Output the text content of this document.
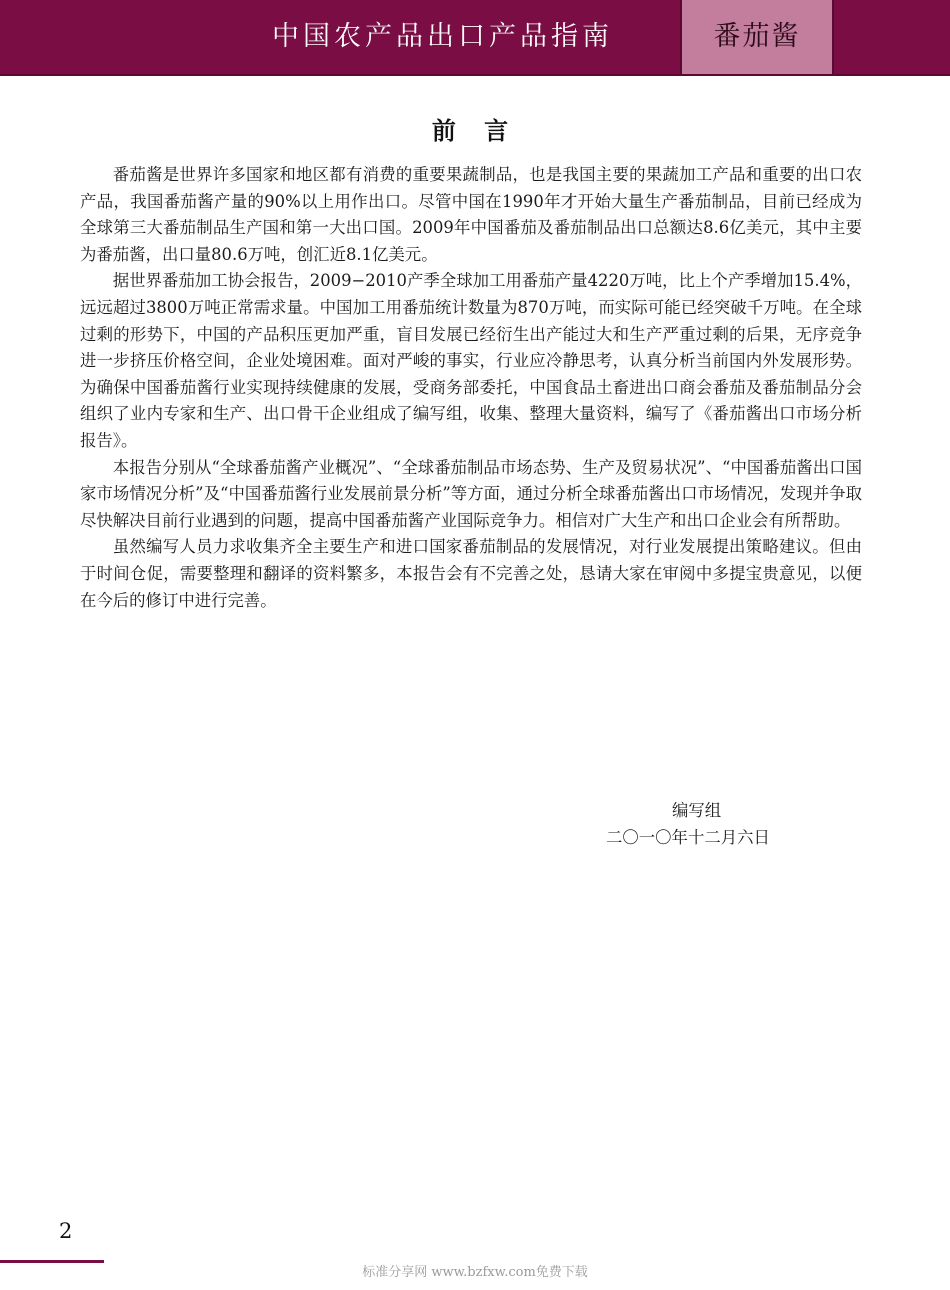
中国农产品出口产品指南	番茄酱
前 言

番茄酱是世界许多国家和地区都有消费的重要果蔬制品，也是我国主要的果蔬加工产品和重要的出口农产品，我国番茄酱产量的90%以上用作出口。尽管中国在1990年才开始大量生产番茄制品，目前已经成为全球第三大番茄制品生产国和第一大出口国。2009年中国番茄及番茄制品出口总额达8.6亿美元，其中主要为番茄酱，出口量80.6万吨，创汇近8.1亿美元。

据世界番茄加工协会报告，2009−2010产季全球加工用番茄产量4220万吨，比上个产季增加15.4%，远远超过3800万吨正常需求量。中国加工用番茄统计数量为870万吨，而实际可能已经突破千万吨。在全球过剩的形势下，中国的产品积压更加严重，盲目发展已经衍生出产能过大和生产严重过剩的后果，无序竞争进一步挤压价格空间，企业处境困难。面对严峻的事实，行业应冷静思考，认真分析当前国内外发展形势。为确保中国番茄酱行业实现持续健康的发展，受商务部委托，中国食品土畜进出口商会番茄及番茄制品分会组织了业内专家和生产、出口骨干企业组成了编写组，收集、整理大量资料，编写了《番茄酱出口市场分析报告》。

本报告分别从“全球番茄酱产业概况”、“全球番茄制品市场态势、生产及贸易状况”、“中国番茄酱出口国家市场情况分析”及“中国番茄酱行业发展前景分析”等方面，通过分析全球番茄酱出口市场情况，发现并争取尽快解决目前行业遇到的问题，提高中国番茄酱产业国际竞争力。相信对广大生产和出口企业会有所帮助。

虽然编写人员力求收集齐全主要生产和进口国家番茄制品的发展情况，对行业发展提出策略建议。但由于时间仓促，需要整理和翻译的资料繁多，本报告会有不完善之处，恳请大家在审阅中多提宝贵意见，以便在今后的修订中进行完善。

编写组
二〇一〇年十二月六日
2
标准分享网 www.bzfxw.com免费下载
